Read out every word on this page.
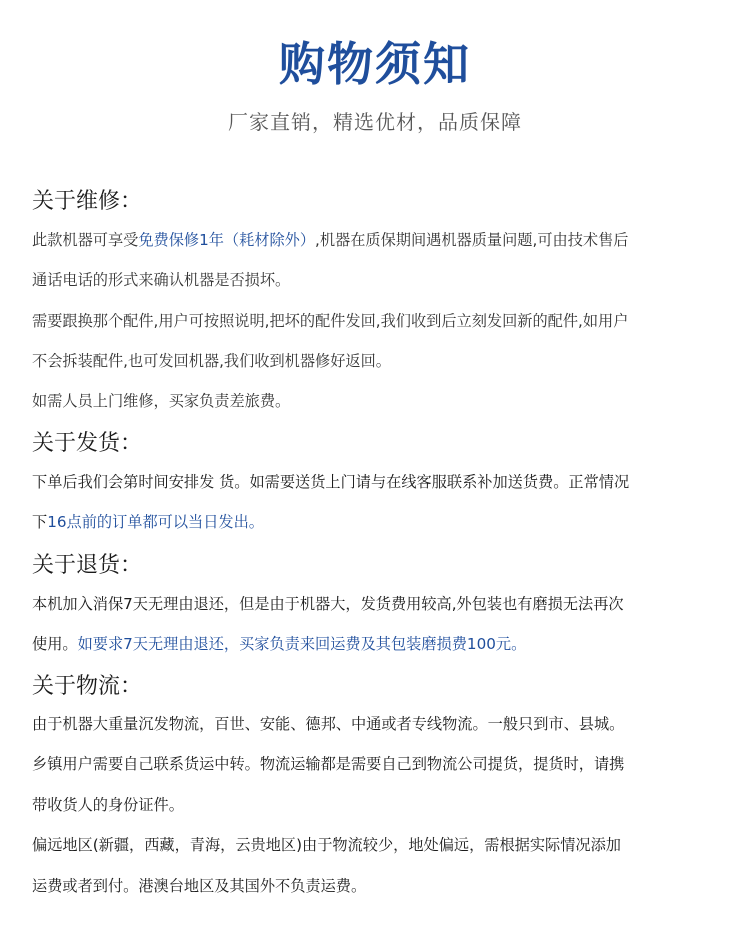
购物须知
厂家直销，精选优材，品质保障
关于维修：
此款机器可享受免费保修1年（耗材除外）,机器在质保期间遇机器质量问题,可由技术售后
通话电话的形式来确认机器是否损坏。
需要跟换那个配件,用户可按照说明,把坏的配件发回,我们收到后立刻发回新的配件,如用户
不会拆装配件,也可发回机器,我们收到机器修好返回。
如需人员上门维修，买家负责差旅费。
关于发货：
下单后我们会第时间安排发 货。如需要送货上门请与在线客服联系补加送货费。正常情况
下16点前的订单都可以当日发出。
关于退货：
本机加入消保7天无理由退还，但是由于机器大，发货费用较高,外包装也有磨损无法再次
使用。如要求7天无理由退还，买家负责来回运费及其包装磨损费100元。
关于物流：
由于机器大重量沉发物流，百世、安能、德邦、中通或者专线物流。一般只到市、县城。
乡镇用户需要自己联系货运中转。物流运输都是需要自己到物流公司提货，提货时，请携
带收货人的身份证件。
偏远地区(新疆，西藏，青海，云贵地区)由于物流较少，地处偏远，需根据实际情况添加
运费或者到付。港澳台地区及其国外不负责运费。
